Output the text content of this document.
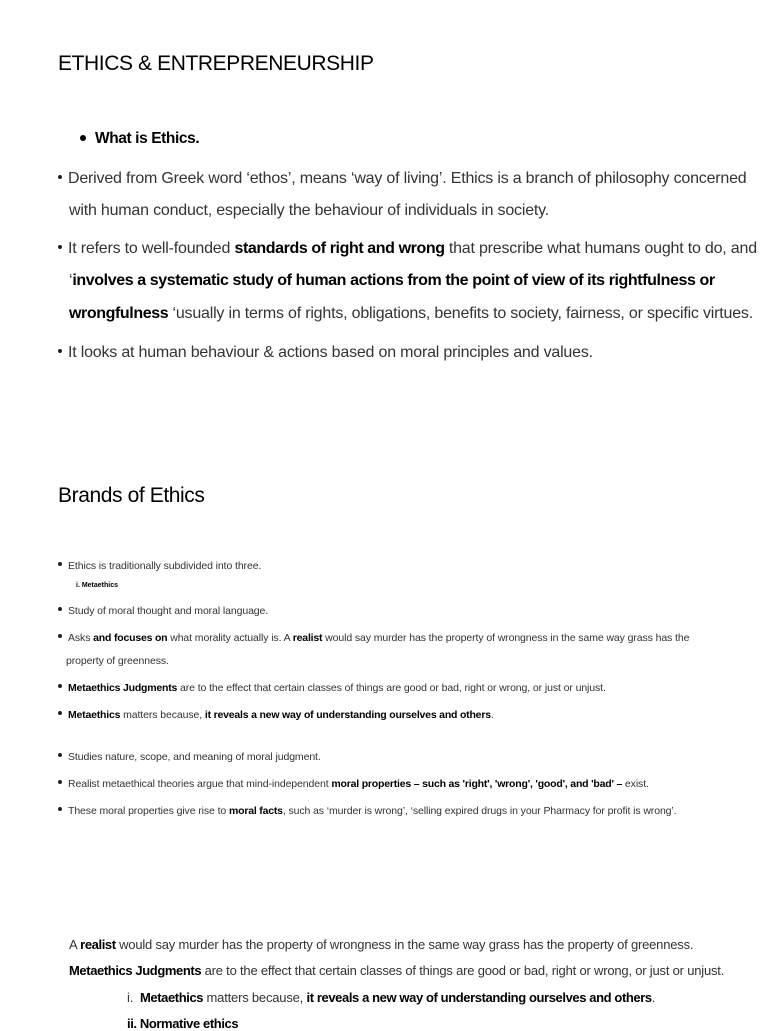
ETHICS & ENTREPRENEURSHIP
What is Ethics.
Derived from Greek word ‘ethos’, means ‘way of living’. Ethics is a branch of philosophy concerned
with human conduct, especially the behaviour of individuals in society.
It refers to well-founded standards of right and wrong that prescribe what humans ought to do, and
‘involves a systematic study of human actions from the point of view of its rightfulness or
wrongfulness ‘usually in terms of rights, obligations, benefits to society, fairness, or specific virtues.
It looks at human behaviour & actions based on moral principles and values.
Brands of Ethics
Ethics is traditionally subdivided into three.
i. Metaethics
Study of moral thought and moral language.
Asks and focuses on what morality actually is. A realist would say murder has the property of wrongness in the same way grass has the
property of greenness.
Metaethics Judgments are to the effect that certain classes of things are good or bad, right or wrong, or just or unjust.
Metaethics matters because, it reveals a new way of understanding ourselves and others.
Studies nature, scope, and meaning of moral judgment.
Realist metaethical theories argue that mind-independent moral properties – such as 'right', 'wrong', 'good', and 'bad' – exist.
These moral properties give rise to moral facts, such as ‘murder is wrong’, ‘selling expired drugs in your Pharmacy for profit is wrong’.
A realist would say murder has the property of wrongness in the same way grass has the property of greenness.
Metaethics Judgments are to the effect that certain classes of things are good or bad, right or wrong, or just or unjust.
i. Metaethics matters because, it reveals a new way of understanding ourselves and others.
ii. Normative ethics
